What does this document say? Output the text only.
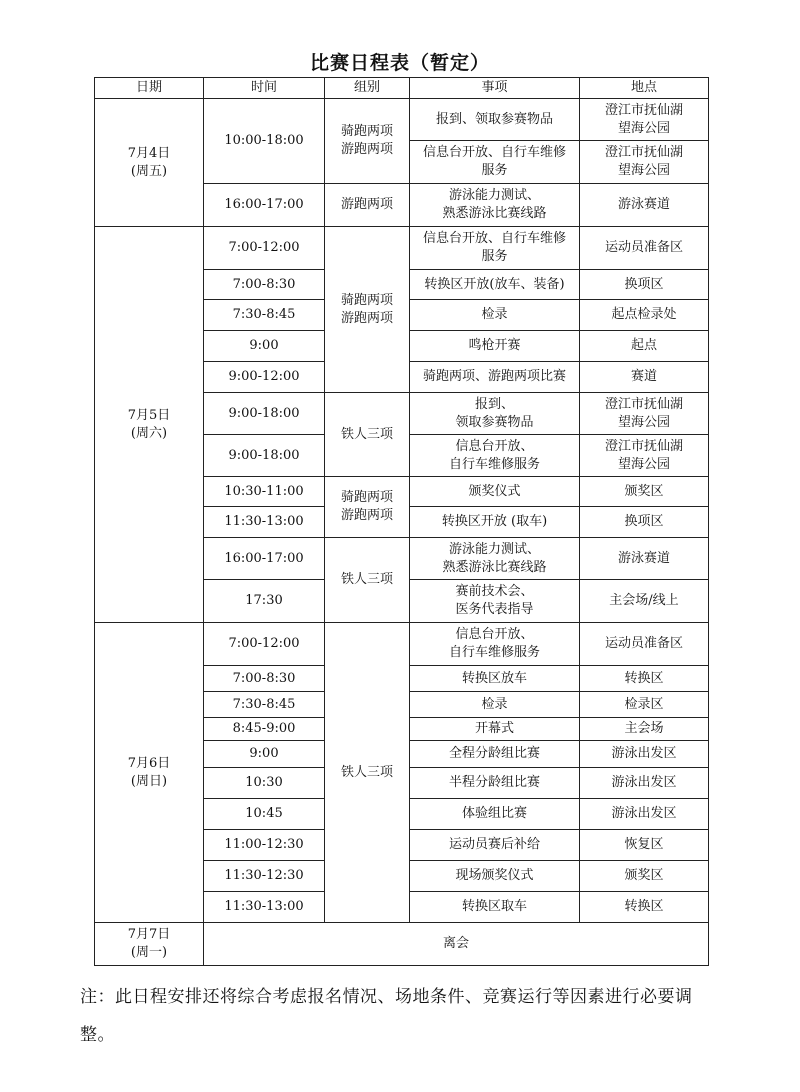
比赛日程表（暂定）
日期	时间	组别	事项	地点

7月4日
(周五)	10:00-18:00	骑跑两项
游跑两项	报到、领取参赛物品	澄江市抚仙湖
望海公园

			信息台开放、自行车维修
服务	澄江市抚仙湖
望海公园

	16:00-17:00	游跑两项	游泳能力测试、
熟悉游泳比赛线路	游泳赛道

7月5日
(周六)	7:00-12:00	骑跑两项
游跑两项	信息台开放、自行车维修
服务	运动员准备区

	7:00-8:30		转换区开放(放车、装备)	换项区

	7:30-8:45		检录	起点检录处

	9:00		鸣枪开赛	起点

	9:00-12:00		骑跑两项、游跑两项比赛	赛道

	9:00-18:00	铁人三项	报到、
领取参赛物品	澄江市抚仙湖
望海公园

	9:00-18:00		信息台开放、
自行车维修服务	澄江市抚仙湖
望海公园

	10:30-11:00	骑跑两项
游跑两项	颁奖仪式	颁奖区

	11:30-13:00		转换区开放 (取车)	换项区

	16:00-17:00	铁人三项	游泳能力测试、
熟悉游泳比赛线路	游泳赛道

	17:30		赛前技术会、
医务代表指导	主会场/线上

7月6日
(周日)	7:00-12:00	铁人三项	信息台开放、
自行车维修服务	运动员准备区

	7:00-8:30		转换区放车	转换区

	7:30-8:45		检录	检录区

	8:45-9:00		开幕式	主会场

	9:00		全程分龄组比赛	游泳出发区

	10:30		半程分龄组比赛	游泳出发区

	10:45		体验组比赛	游泳出发区

	11:00-12:30		运动员赛后补给	恢复区

	11:30-12:30		现场颁奖仪式	颁奖区

	11:30-13:00		转换区取车	转换区

7月7日
(周一)	离会			
注：此日程安排还将综合考虑报名情况、场地条件、竞赛运行等因素进行必要调整。
